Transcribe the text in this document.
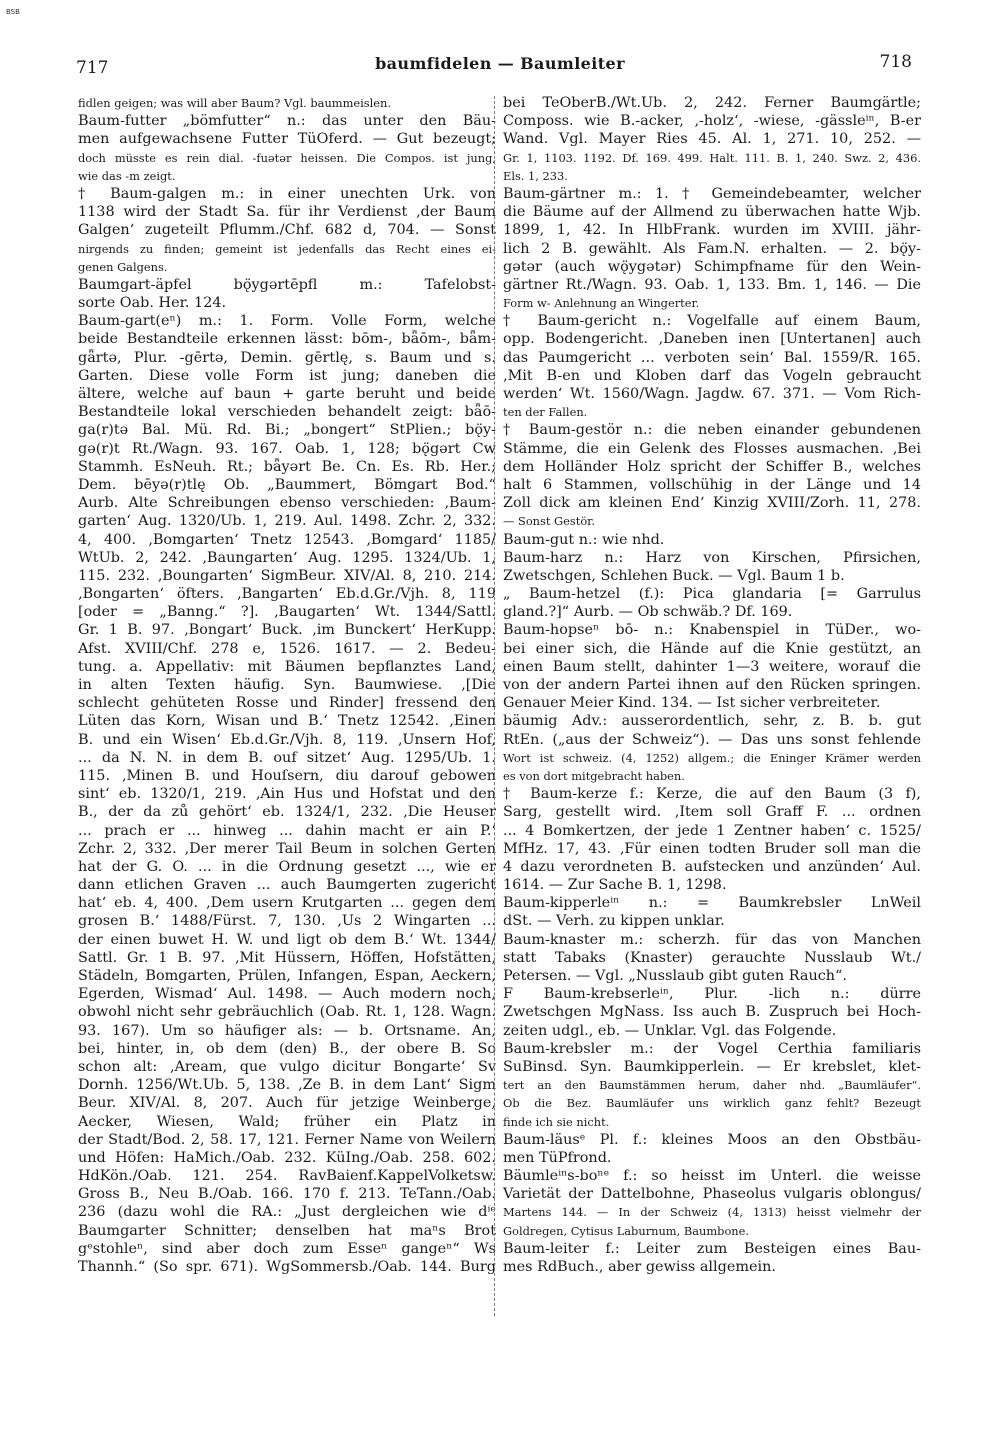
BSB
717	baumfidelen — Baumleiter	718
fidlen geigen; was will aber Baum? Vgl. baummeislen.
Baum-futter „bömfutter“ n.: das unter den Bäu-
men aufgewachsene Futter TüOferd. — Gut bezeugt;
doch müsste es rein dial. -fuətər heissen. Die Compos. ist jung,
wie das -m zeigt.
† Baum-galgen m.: in einer unechten Urk. von
1138 wird der Stadt Sa. für ihr Verdienst ‚der Baum
Galgen‘ zugeteilt Pflumm./Chf. 682 d, 704. — Sonst
nirgends zu finden; gemeint ist jedenfalls das Recht eines ei-
genen Galgens.
Baumgart-äpfel bǫ̈ygərtēpfl m.: Tafelobst-
sorte Oab. Her. 124.
Baum-gart(eⁿ) m.: 1. Form. Volle Form, welche
beide Bestandteile erkennen lässt: bōm-, bǟōm-, bǟm-
gǟrtə, Plur. -gērtə, Demin. gērtlę, s. Baum und s.
Garten. Diese volle Form ist jung; daneben die
ältere, welche auf baun + garte beruht und beide
Bestandteile lokal verschieden behandelt zeigt: bǟō-
ga(r)tə Bal. Mü. Rd. Bi.; „bongert“ StPlien.; bǫ̈y-
gə(r)t Rt./Wagn. 93. 167. Oab. 1, 128; bǫ̈gərt Cw
Stammh. EsNeuh. Rt.; bǟyərt Be. Cn. Es. Rb. Her.;
Dem. bēyə(r)tlę Ob. „Baummert, Bömgart Bod.“
Aurb. Alte Schreibungen ebenso verschieden: ‚Baum-
garten‘ Aug. 1320/Ub. 1, 219. Aul. 1498. Zchr. 2, 332.
4, 400. ‚Bomgarten‘ Tnetz 12543. ‚Bomgard‘ 1185/
WtUb. 2, 242. ‚Baungarten‘ Aug. 1295. 1324/Ub. 1,
115. 232. ‚Boungarten‘ SigmBeur. XIV/Al. 8, 210. 214.
‚Bongarten‘ öfters. ‚Bangarten‘ Eb.d.Gr./Vjh. 8, 119
[oder = „Banng.“ ?]. ‚Baugarten‘ Wt. 1344/Sattl.
Gr. 1 B. 97. ‚Bongart‘ Buck. ‚im Bunckert‘ HerKupp.
Afst. XVIII/Chf. 278 e, 1526. 1617. — 2. Bedeu-
tung. a. Appellativ: mit Bäumen bepflanztes Land,
in alten Texten häufig. Syn. Baumwiese. ‚[Die
schlecht gehüteten Rosse und Rinder] fressend den
Lüten das Korn, Wisan und B.‘ Tnetz 12542. ‚Einen
B. und ein Wisen‘ Eb.d.Gr./Vjh. 8, 119. ‚Unsern Hof,
... da N. N. in dem B. ouf sitzet‘ Aug. 1295/Ub. 1.
115. ‚Minen B. und Houſsern, diu darouf gebowen
sint‘ eb. 1320/1, 219. ‚Ain Hus und Hofstat und den
B., der da zů gehört‘ eb. 1324/1, 232. ‚Die Heuser
... prach er ... hinweg ... dahin macht er ain P.‘
Zchr. 2, 332. ‚Der merer Tail Beum in solchen Gerten
hat der G. O. ... in die Ordnung gesetzt ..., wie er
dann etlichen Graven ... auch Baumgerten zugericht
hat‘ eb. 4, 400. ‚Dem usern Krutgarten ... gegen dem
grosen B.‘ 1488/Fürst. 7, 130. ‚Us 2 Wingarten ...
der einen buwet H. W. und ligt ob dem B.‘ Wt. 1344/
Sattl. Gr. 1 B. 97. ‚Mit Hüssern, Höffen, Hofstätten,
Städeln, Bomgarten, Prülen, Infangen, Espan, Aeckern,
Egerden, Wismad‘ Aul. 1498. — Auch modern noch,
obwohl nicht sehr gebräuchlich (Oab. Rt. 1, 128. Wagn.
93. 167). Um so häufiger als: — b. Ortsname. An,
bei, hinter, in, ob dem (den) B., der obere B. So
schon alt: ‚Aream, que vulgo dicitur Bongarte‘ Sv
Dornh. 1256/Wt.Ub. 5, 138. ‚Ze B. in dem Lant‘ Sigm
Beur. XIV/Al. 8, 207. Auch für jetzige Weinberge,
Aecker, Wiesen, Wald; früher ein Platz in
der Stadt/Bod. 2, 58. 17, 121. Ferner Name von Weilern
und Höfen: HaMich./Oab. 232. KüIng./Oab. 258. 602.
HdKön./Oab. 121. 254. RavBaienf.KappelVolketsw.
Gross B., Neu B./Oab. 166. 170 f. 213. TeTann./Oab.
236 (dazu wohl die RA.: „Just dergleichen wie dⁱᵉ
Baumgarter Schnitter; denselben hat maⁿs Brot
gᵉstohleⁿ, sind aber doch zum Esseⁿ gangeⁿ“ Ws
Thannh.“ (So spr. 671). WgSommersb./Oab. 144. Burg
bei TeOberB./Wt.Ub. 2, 242. Ferner Baumgärtle;
Composs. wie B.-acker, ‚-holz‘, -wiese, -gässleⁱⁿ, B-er
Wand. Vgl. Mayer Ries 45. Al. 1, 271. 10, 252. —
Gr. 1, 1103. 1192. Df. 169. 499. Halt. 111. B. 1, 240. Swz. 2, 436.
Els. 1, 233.
Baum-gärtner m.: 1. † Gemeindebeamter, welcher
die Bäume auf der Allmend zu überwachen hatte Wjb.
1899, 1, 42. In HlbFrank. wurden im XVIII. jähr-
lich 2 B. gewählt. Als Fam.N. erhalten. — 2. bǫ̈y-
gətər (auch wǫ̈ygətər) Schimpfname für den Wein-
gärtner Rt./Wagn. 93. Oab. 1, 133. Bm. 1, 146. — Die
Form w- Anlehnung an Wingerter.
† Baum-gericht n.: Vogelfalle auf einem Baum,
opp. Bodengericht. ‚Daneben inen [Untertanen] auch
das Paumgericht ... verboten sein‘ Bal. 1559/R. 165.
‚Mit B-en und Kloben darf das Vogeln gebraucht
werden‘ Wt. 1560/Wagn. Jagdw. 67. 371. — Vom Rich-
ten der Fallen.
† Baum-gestör n.: die neben einander gebundenen
Stämme, die ein Gelenk des Flosses ausmachen. ‚Bei
dem Holländer Holz spricht der Schiffer B., welches
halt 6 Stammen, vollschühig in der Länge und 14
Zoll dick am kleinen End‘ Kinzig XVIII/Zorh. 11, 278.
— Sonst Gestör.
Baum-gut n.: wie nhd.
Baum-harz n.: Harz von Kirschen, Pfirsichen,
Zwetschgen, Schlehen Buck. — Vgl. Baum 1 b.
„ Baum-hetzel (f.): Pica glandaria [= Garrulus
gland.?]“ Aurb. — Ob schwäb.? Df. 169.
Baum-hopseⁿ bō- n.: Knabenspiel in TüDer., wo-
bei einer sich, die Hände auf die Knie gestützt, an
einen Baum stellt, dahinter 1—3 weitere, worauf die
von der andern Partei ihnen auf den Rücken springen.
Genauer Meier Kind. 134. — Ist sicher verbreiteter.
bäumig Adv.: ausserordentlich, sehr, z. B. b. gut
RtEn. („aus der Schweiz“). — Das uns sonst fehlende
Wort ist schweiz. (4, 1252) allgem.; die Eninger Krämer werden
es von dort mitgebracht haben.
† Baum-kerze f.: Kerze, die auf den Baum (3 f),
Sarg, gestellt wird. ‚Item soll Graff F. ... ordnen
... 4 Bomkertzen, der jede 1 Zentner haben‘ c. 1525/
MfHz. 17, 43. ‚Für einen todten Bruder soll man die
4 dazu verordneten B. aufstecken und anzünden‘ Aul.
1614. — Zur Sache B. 1, 1298.
Baum-kipperleⁱⁿ n.: = Baumkrebsler LnWeil
dSt. — Verh. zu kippen unklar.
Baum-knaster m.: scherzh. für das von Manchen
statt Tabaks (Knaster) gerauchte Nusslaub Wt./
Petersen. — Vgl. „Nusslaub gibt guten Rauch“.
F Baum-krebserleⁱⁿ, Plur. -lich n.: dürre
Zwetschgen MgNass. Iss auch B. Zuspruch bei Hoch-
zeiten udgl., eb. — Unklar. Vgl. das Folgende.
Baum-krebsler m.: der Vogel Certhia familiaris
SuBinsd. Syn. Baumkipperlein. — Er krebslet, klet-
tert an den Baumstämmen herum, daher nhd. „Baumläufer“.
Ob die Bez. Baumläufer uns wirklich ganz fehlt? Bezeugt
finde ich sie nicht.
Baum-läusᵉ Pl. f.: kleines Moos an den Obstbäu-
men TüPfrond.
Bäumleⁱⁿs-boⁿᵉ f.: so heisst im Unterl. die weisse
Varietät der Dattelbohne, Phaseolus vulgaris oblongus/
Martens 144. — In der Schweiz (4, 1313) heisst vielmehr der
Goldregen, Cytisus Laburnum, Baumbone.
Baum-leiter f.: Leiter zum Besteigen eines Bau-
mes RdBuch., aber gewiss allgemein.
